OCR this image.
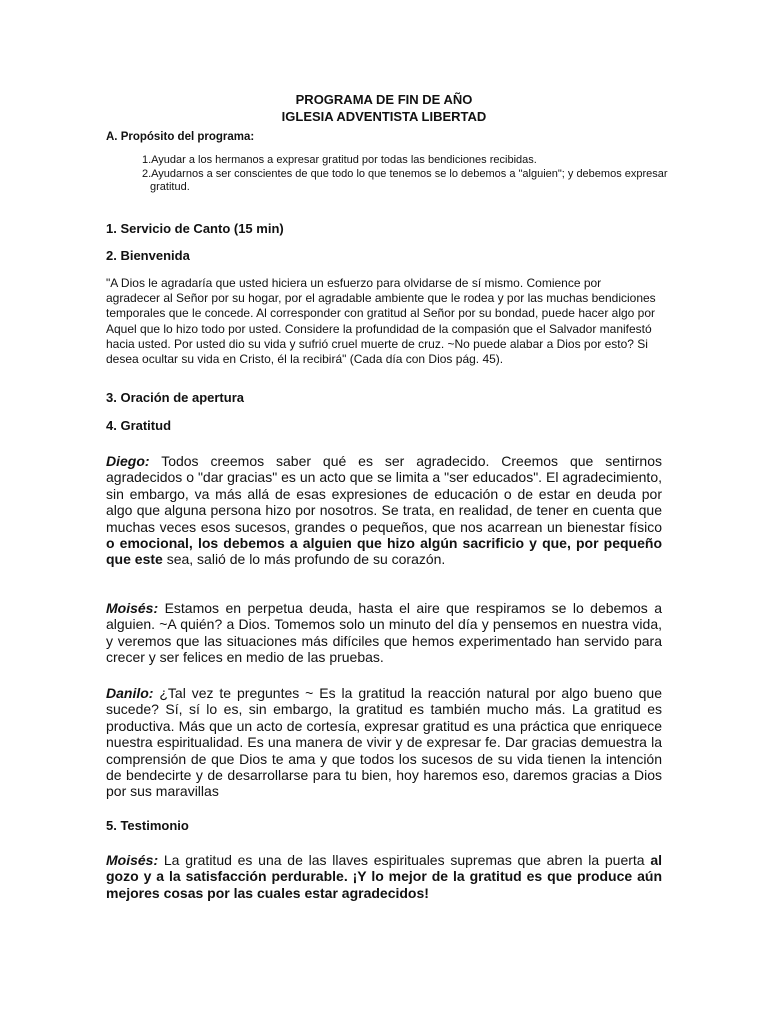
PROGRAMA DE FIN DE AÑO
IGLESIA ADVENTISTA LIBERTAD
A. Propósito del programa:
1.Ayudar a los hermanos a expresar gratitud por todas las bendiciones recibidas.
2.Ayudarnos a ser conscientes de que todo lo que tenemos se lo debemos a "alguien"; y debemos expresar gratitud.
1. Servicio de Canto (15 min)
2. Bienvenida
"A Dios le agradaría que usted hiciera un esfuerzo para olvidarse de sí mismo. Comience por agradecer al Señor por su hogar, por el agradable ambiente que le rodea y por las muchas bendiciones temporales que le concede. Al corresponder con gratitud al Señor por su bondad, puede hacer algo por Aquel que lo hizo todo por usted. Considere la profundidad de la compasión que el Salvador manifestó hacia usted. Por usted dio su vida y sufrió cruel muerte de cruz. ~No puede alabar a Dios por esto? Si desea ocultar su vida en Cristo, él la recibirá" (Cada día con Dios pág. 45).
3. Oración de apertura
4. Gratitud
Diego: Todos creemos saber qué es ser agradecido. Creemos que sentirnos agradecidos o "dar gracias" es un acto que se limita a "ser educados". El agradecimiento, sin embargo, va más allá de esas expresiones de educación o de estar en deuda por algo que alguna persona hizo por nosotros. Se trata, en realidad, de tener en cuenta que muchas veces esos sucesos, grandes o pequeños, que nos acarrean un bienestar físico o emocional, los debemos a alguien que hizo algún sacrificio y que, por pequeño que este sea, salió de lo más profundo de su corazón.
Moisés: Estamos en perpetua deuda, hasta el aire que respiramos se lo debemos a alguien. ~A quién? a Dios. Tomemos solo un minuto del día y pensemos en nuestra vida, y veremos que las situaciones más difíciles que hemos experimentado han servido para crecer y ser felices en medio de las pruebas.
Danilo: ¿Tal vez te preguntes ~ Es la gratitud la reacción natural por algo bueno que sucede? Sí, sí lo es, sin embargo, la gratitud es también mucho más. La gratitud es productiva. Más que un acto de cortesía, expresar gratitud es una práctica que enriquece nuestra espiritualidad. Es una manera de vivir y de expresar fe. Dar gracias demuestra la comprensión de que Dios te ama y que todos los sucesos de su vida tienen la intención de bendecirte y de desarrollarse para tu bien, hoy haremos eso, daremos gracias a Dios por sus maravillas
5. Testimonio
Moisés: La gratitud es una de las llaves espirituales supremas que abren la puerta al gozo y a la satisfacción perdurable. ¡Y lo mejor de la gratitud es que produce aún mejores cosas por las cuales estar agradecidos!
